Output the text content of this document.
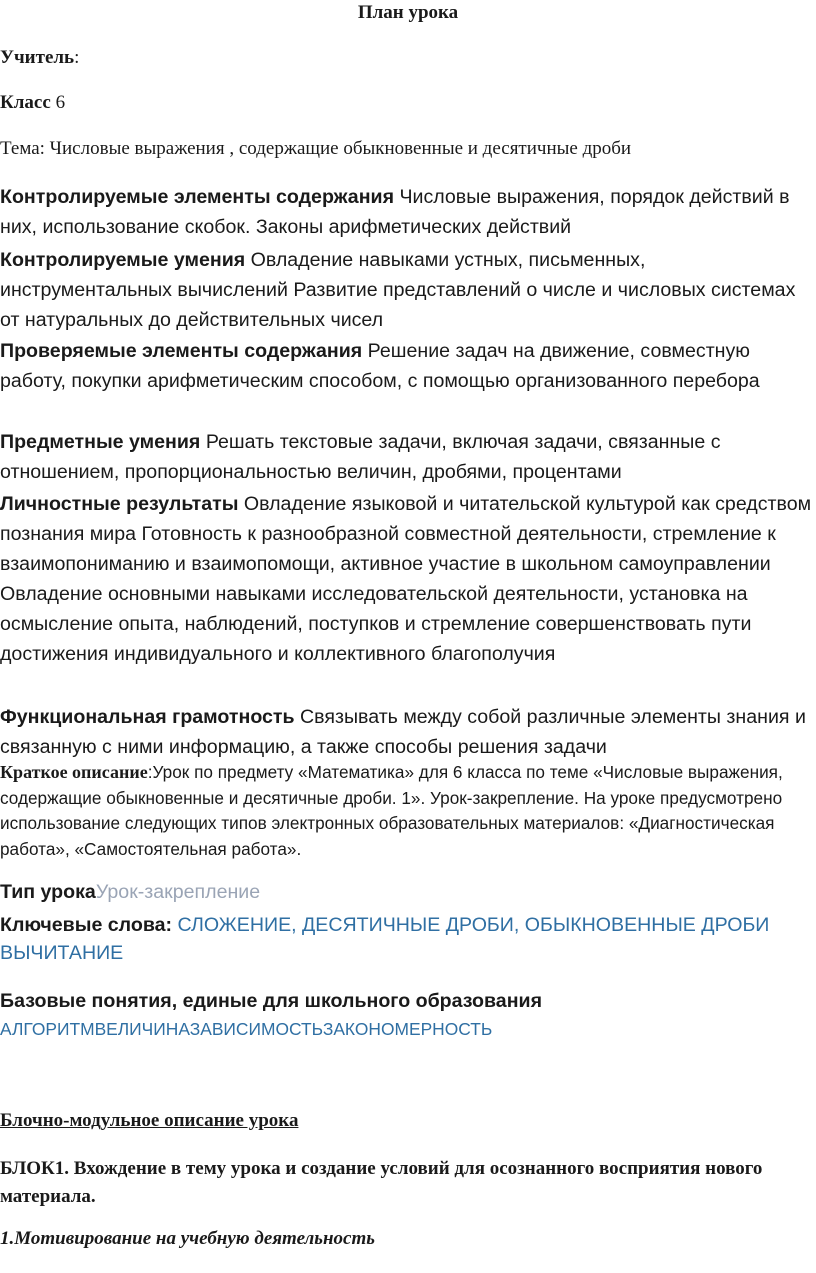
План урока
Учитель:
Класс 6
Тема: Числовые выражения , содержащие обыкновенные и десятичные дроби
Контролируемые элементы содержания Числовые выражения, порядок действий в них, использование скобок. Законы арифметических действий
Контролируемые умения Овладение навыками устных, письменных, инструментальных вычислений Развитие представлений о числе и числовых системах от натуральных до действительных чисел
Проверяемые элементы содержания Решение задач на движение, совместную работу, покупки арифметическим способом, с помощью организованного перебора
Предметные умения Решать текстовые задачи, включая задачи, связанные с отношением, пропорциональностью величин, дробями, процентами
Личностные результаты Овладение языковой и читательской культурой как средством познания мира Готовность к разнообразной совместной деятельности, стремление к взаимопониманию и взаимопомощи, активное участие в школьном самоуправлении Овладение основными навыками исследовательской деятельности, установка на осмысление опыта, наблюдений, поступков и стремление совершенствовать пути достижения индивидуального и коллективного благополучия
Функциональная грамотность Связывать между собой различные элементы знания и связанную с ними информацию, а также способы решения задачи
Краткое описание:Урок по предмету «Математика» для 6 класса по теме «Числовые выражения, содержащие обыкновенные и десятичные дроби. 1». Урок-закрепление. На уроке предусмотрено использование следующих типов электронных образовательных материалов: «Диагностическая работа», «Самостоятельная работа».
Тип урокаУрок-закрепление
Ключевые слова: СЛОЖЕНИЕ, ДЕСЯТИЧНЫЕ ДРОБИ, ОБЫКНОВЕННЫЕ ДРОБИ ВЫЧИТАНИЕ
Базовые понятия, единые для школьного образования
АЛГОРИТМВЕЛИЧИНАЗАВИСИМОСТЬЗАКОНОМЕРНОСТЬ
Блочно-модульное описание урока
БЛОК1. Вхождение в тему урока и создание условий для осознанного восприятия нового материала.
1.Мотивирование на учебную деятельность
